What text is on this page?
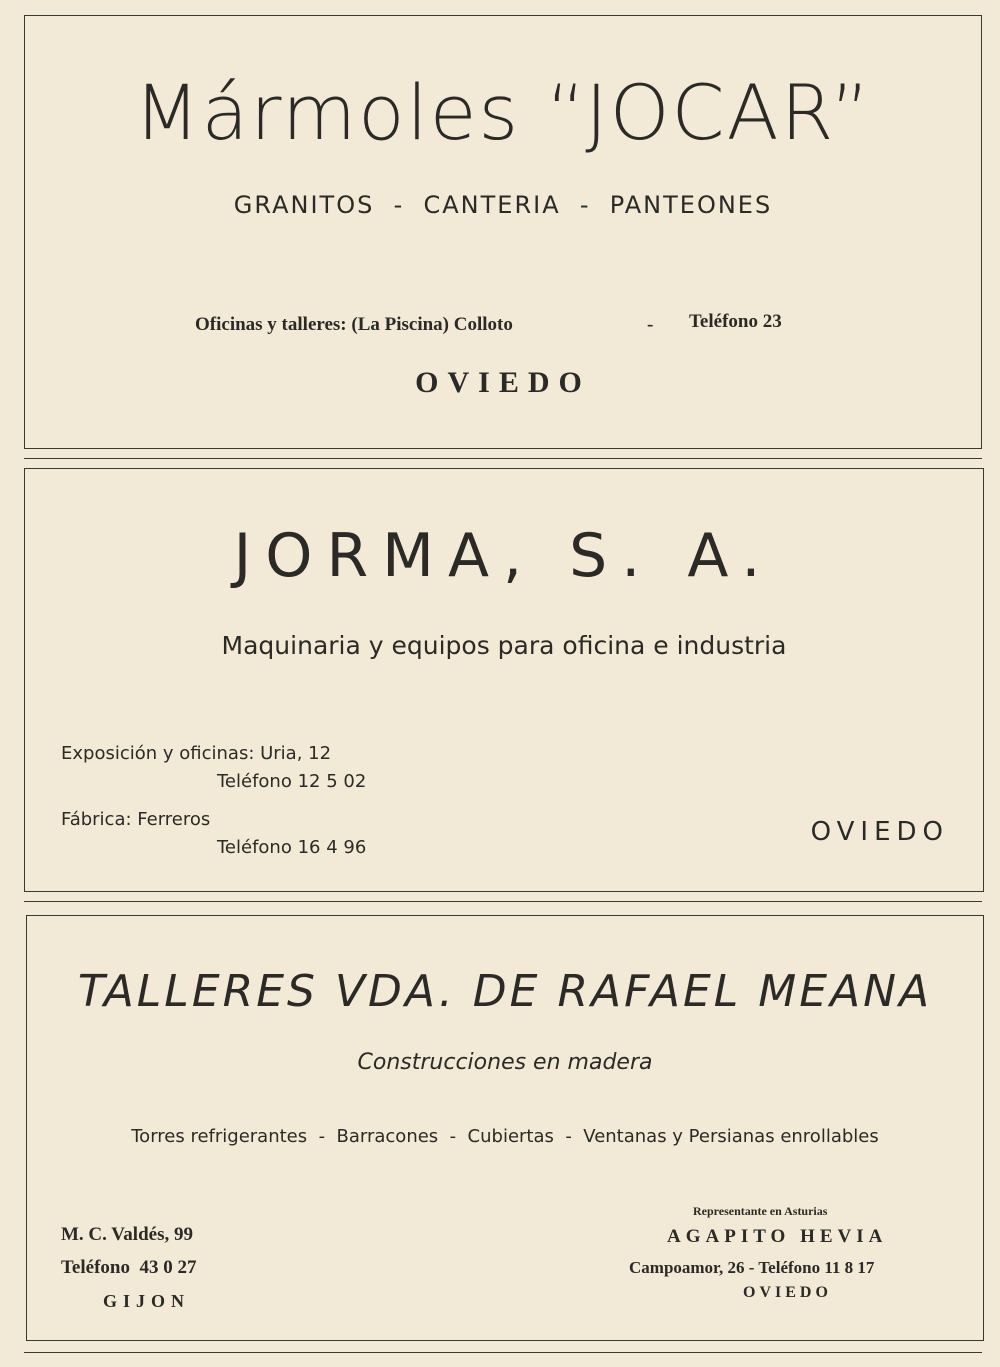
Mármoles “JOCAR”
GRANITOS  -  CANTERIA  -  PANTEONES
Oficinas y talleres: (La Piscina) Colloto	- Teléfono 23
OVIEDO
JORMA, S. A.
Maquinaria y equipos para oficina e industria
Exposición y oficinas: Uria, 12
Teléfono 12 5 02
Fábrica: Ferreros
Teléfono 16 4 96
OVIEDO
TALLERES VDA. DE RAFAEL MEANA
Construcciones en madera
Torres refrigerantes  -  Barracones  -  Cubiertas  -  Ventanas y Persianas enrollables
M. C. Valdés, 99
Teléfono  43 0 27
GIJON
Representante en Asturias
AGAPITO HEVIA
Campoamor, 26 - Teléfono 11 8 17
OVIEDO
